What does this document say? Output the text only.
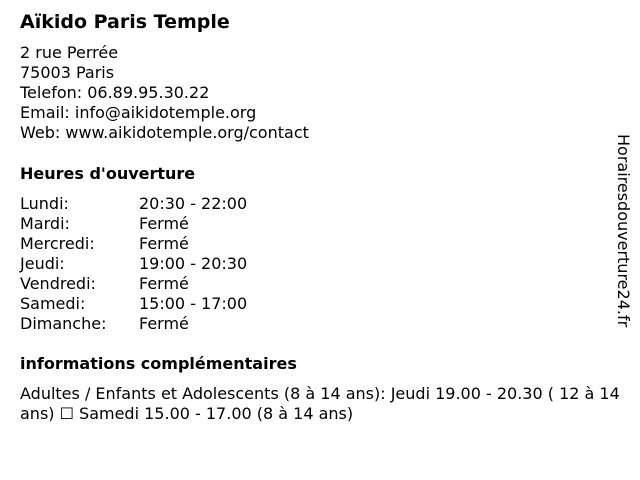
Aïkido Paris Temple
2 rue Perrée
75003 Paris
Telefon: 06.89.95.30.22
Email: info@aikidotemple.org
Web: www.aikidotemple.org/contact
Heures d'ouverture
Lundi:	20:30 - 22:00
Mardi:	Fermé
Mercredi:	Fermé
Jeudi:	19:00 - 20:30
Vendredi:	Fermé
Samedi:	15:00 - 17:00
Dimanche: Fermé
informations complémentaires
Adultes / Enfants et Adolescents (8 à 14 ans): Jeudi 19.00 - 20.30 ( 12 à 14 ans) ☐ Samedi 15.00 - 17.00 (8 à 14 ans)
Horairesdouverture24.fr
